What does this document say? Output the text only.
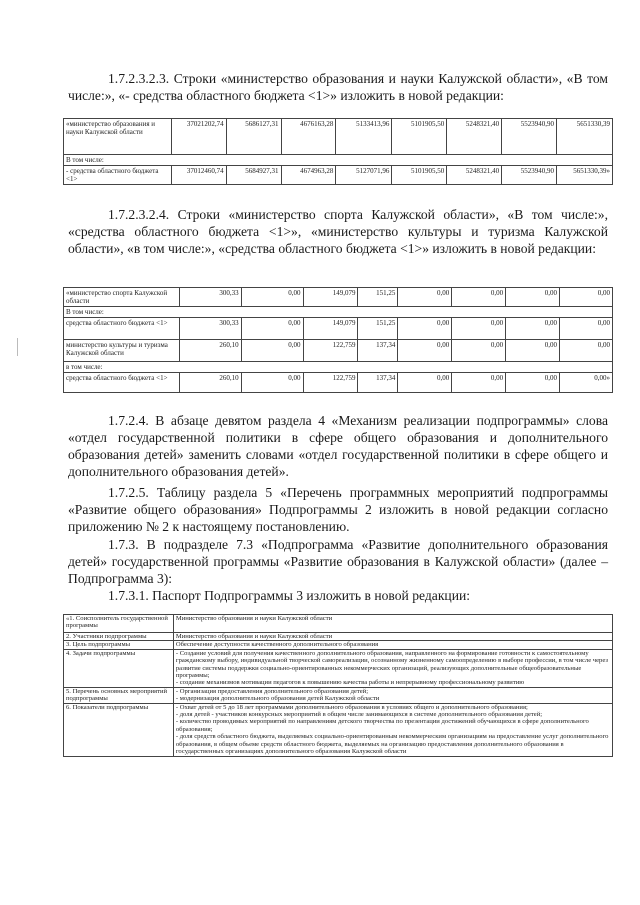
1.7.2.3.2.3. Строки «министерство образования и науки Калужской области», «В том числе:», «- средства областного бюджета <1>» изложить в новой редакции:

«министерство образования и науки Калужской области	37021202,74	5686127,31	4676163,28	5133413,96	5101905,50	5248321,40	5523940,90	5651330,39
В том числе:								
- средства областного бюджета <1>	37012460,74	5684927,31	4674963,28	5127071,96	5101905,50	5248321,40	5523940,90	5651330,39»

1.7.2.3.2.4. Строки «министерство спорта Калужской области», «В том числе:», «средства областного бюджета <1>», «министерство культуры и туризма Калужской области», «в том числе:», «средства областного бюджета <1>» изложить в новой редакции:

«министерство спорта Калужской области	300,33	0,00	149,079	151,25	0,00	0,00	0,00	0,00
В том числе:								
средства областного бюджета <1>	300,33	0,00	149,079	151,25	0,00	0,00	0,00	0,00
министерство культуры и туризма Калужской области	260,10	0,00	122,759	137,34	0,00	0,00	0,00	0,00
в том числе:								
средства областного бюджета <1>	260,10	0,00	122,759	137,34	0,00	0,00	0,00	0,00»

1.7.2.4. В абзаце девятом раздела 4 «Механизм реализации подпрограммы» слова «отдел государственной политики в сфере общего образования и дополнительного образования детей» заменить словами «отдел государственной политики в сфере общего и дополнительного образования детей».

1.7.2.5. Таблицу раздела 5 «Перечень программных мероприятий подпрограммы «Развитие общего образования» Подпрограммы 2 изложить в новой редакции согласно приложению № 2 к настоящему постановлению.

1.7.3. В подразделе 7.3 «Подпрограмма «Развитие дополнительного образования детей» государственной программы «Развитие образования в Калужской области» (далее – Подпрограмма 3):

1.7.3.1. Паспорт Подпрограммы 3 изложить в новой редакции:

«1. Соисполнитель государственной программы	Министерство образования и науки Калужской области
2. Участники подпрограммы	Министерство образования и науки Калужской области
3. Цель подпрограммы	Обеспечение доступности качественного дополнительного образования
4. Задачи подпрограммы	- Создание условий для получения качественного дополнительного образования, направленного на формирование готовности к самостоятельному гражданскому выбору, индивидуальной творческой самореализации, осознанному жизненному самоопределению в выборе профессии, в том числе через развитие системы поддержки социально-ориентированных некоммерческих организаций, реализующих дополнительные общеобразовательные программы;
- создание механизмов мотивации педагогов к повышению качества работы и непрерывному профессиональному развитию

5. Перечень основных мероприятий подпрограммы	- Организация предоставления дополнительного образования детей;
- модернизация дополнительного образования детей Калужской области

6. Показатели подпрограммы	- Охват детей от 5 до 18 лет программами дополнительного образования в условиях общего и дополнительного образования;
- доля детей - участников конкурсных мероприятий в общем числе занимающихся в системе дополнительного образования детей;
- количество проводимых мероприятий по направлениям детского творчества по презентации достижений обучающихся в сфере дополнительного образования;
- доля средств областного бюджета, выделяемых социально-ориентированным некоммерческим организациям на предоставление услуг дополнительного образования, в общем объеме средств областного бюджета, выделяемых на организацию предоставления дополнительного образования в государственных организациях дополнительного образования Калужской области
